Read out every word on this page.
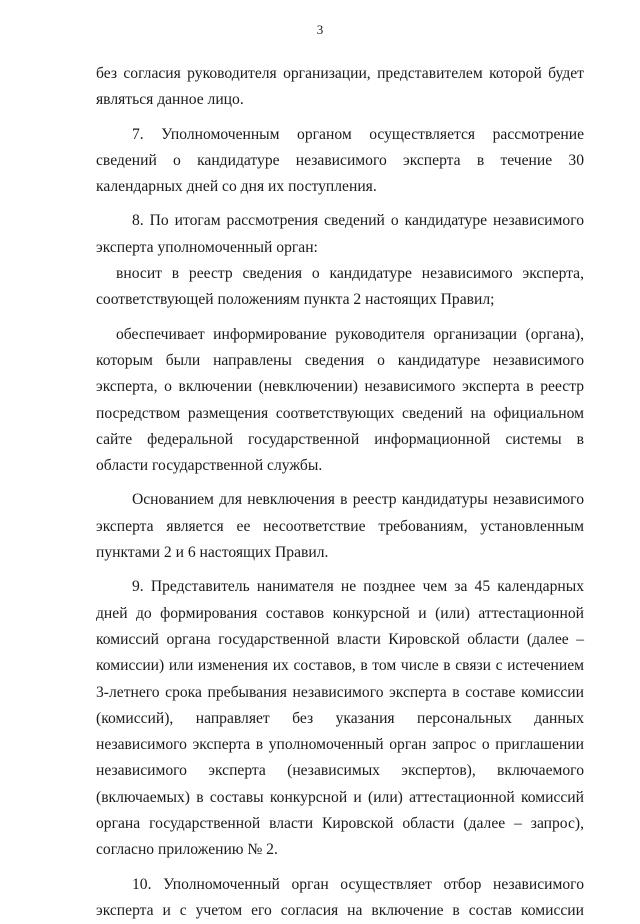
3

без согласия руководителя организации, представителем которой будет являться данное лицо.

7. Уполномоченным органом осуществляется рассмотрение сведений о кандидатуре независимого эксперта в течение 30 календарных дней со дня их поступления.

8. По итогам рассмотрения сведений о кандидатуре независимого эксперта уполномоченный орган:

вносит в реестр сведения о кандидатуре независимого эксперта, соответствующей положениям пункта 2 настоящих Правил;

обеспечивает информирование руководителя организации (органа), которым были направлены сведения о кандидатуре независимого эксперта, о включении (невключении) независимого эксперта в реестр посредством размещения соответствующих сведений на официальном сайте федеральной государственной информационной системы в области государственной службы.

Основанием для невключения в реестр кандидатуры независимого эксперта является ее несоответствие требованиям, установленным пунктами 2 и 6 настоящих Правил.

9. Представитель нанимателя не позднее чем за 45 календарных дней до формирования составов конкурсной и (или) аттестационной комиссий органа государственной власти Кировской области (далее – комиссии) или изменения их составов, в том числе в связи с истечением 3-летнего срока пребывания независимого эксперта в составе комиссии (комиссий), направляет без указания персональных данных независимого эксперта в уполномоченный орган запрос о приглашении независимого эксперта (независимых экспертов), включаемого (включаемых) в составы конкурсной и (или) аттестационной комиссий органа государственной власти Кировской области (далее – запрос), согласно приложению № 2.

10. Уполномоченный орган осуществляет отбор независимого эксперта и с учетом его согласия на включение в состав комиссии
